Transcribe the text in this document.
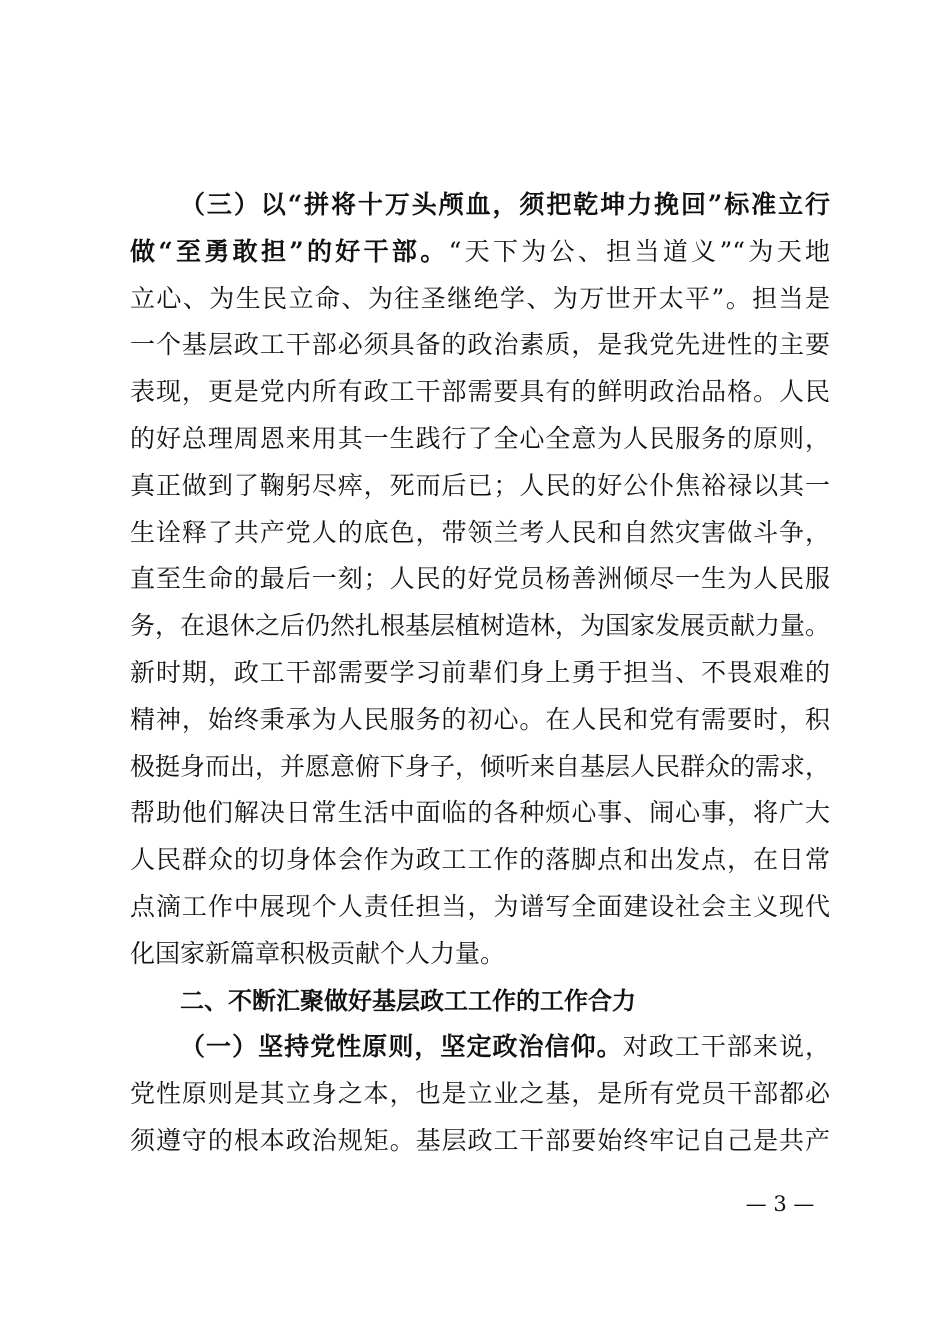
（三）以“拼将十万头颅血，须把乾坤力挽回”标准立行
做“至勇敢担”的好干部。“天下为公、担当道义”“为天地
立心、为生民立命、为往圣继绝学、为万世开太平”。担当是
一个基层政工干部必须具备的政治素质，是我党先进性的主要
表现，更是党内所有政工干部需要具有的鲜明政治品格。人民
的好总理周恩来用其一生践行了全心全意为人民服务的原则，
真正做到了鞠躬尽瘁，死而后已；人民的好公仆焦裕禄以其一
生诠释了共产党人的底色，带领兰考人民和自然灾害做斗争，
直至生命的最后一刻；人民的好党员杨善洲倾尽一生为人民服
务，在退休之后仍然扎根基层植树造林，为国家发展贡献力量。
新时期，政工干部需要学习前辈们身上勇于担当、不畏艰难的
精神，始终秉承为人民服务的初心。在人民和党有需要时，积
极挺身而出，并愿意俯下身子，倾听来自基层人民群众的需求，
帮助他们解决日常生活中面临的各种烦心事、闹心事，将广大
人民群众的切身体会作为政工工作的落脚点和出发点，在日常
点滴工作中展现个人责任担当，为谱写全面建设社会主义现代
化国家新篇章积极贡献个人力量。
二、不断汇聚做好基层政工工作的工作合力
（一）坚持党性原则，坚定政治信仰。对政工干部来说，
党性原则是其立身之本，也是立业之基，是所有党员干部都必
须遵守的根本政治规矩。基层政工干部要始终牢记自己是共产
— 3 —
